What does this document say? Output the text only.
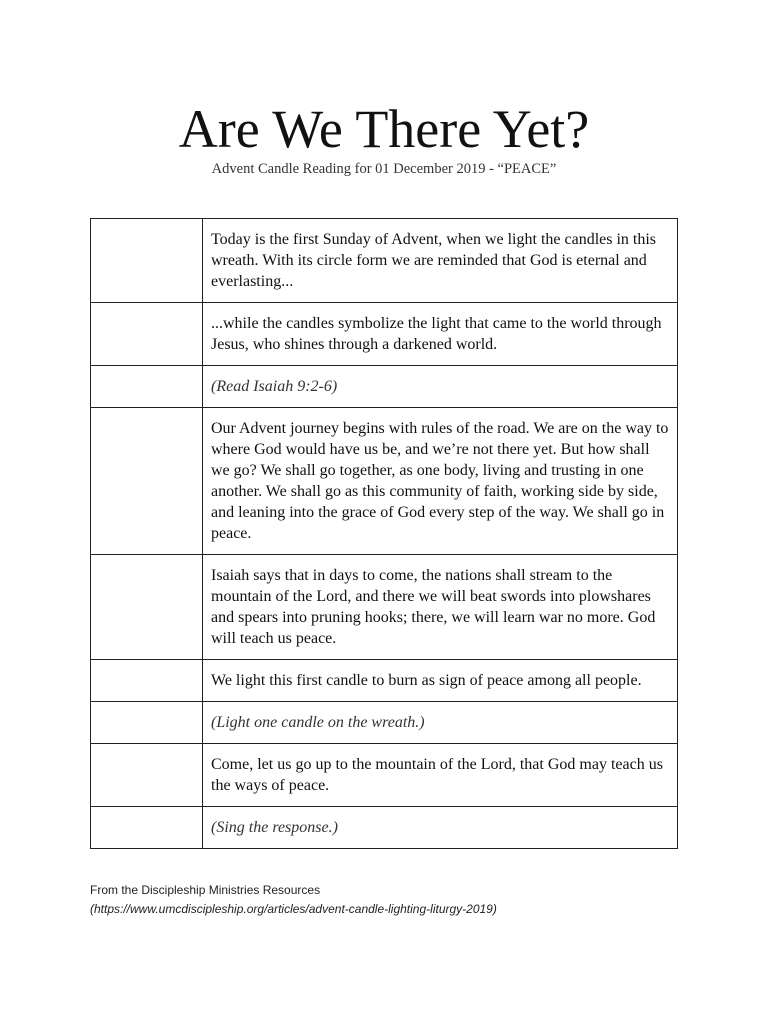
Are We There Yet?
Advent Candle Reading for 01 December 2019 - “PEACE”
	Today is the first Sunday of Advent, when we light the candles in this wreath. With its circle form we are reminded that God is eternal and everlasting...
	...while the candles symbolize the light that came to the world through Jesus, who shines through a darkened world.
	(Read Isaiah 9:2-6)
	Our Advent journey begins with rules of the road. We are on the way to where God would have us be, and we’re not there yet. But how shall we go? We shall go together, as one body, living and trusting in one another. We shall go as this community of faith, working side by side, and leaning into the grace of God every step of the way. We shall go in peace.
	Isaiah says that in days to come, the nations shall stream to the mountain of the Lord, and there we will beat swords into plowshares and spears into pruning hooks; there, we will learn war no more. God will teach us peace.
	We light this first candle to burn as sign of peace among all people.
	(Light one candle on the wreath.)
	Come, let us go up to the mountain of the Lord, that God may teach us the ways of peace.
	(Sing the response.)
From the Discipleship Ministries Resources
(https://www.umcdiscipleship.org/articles/advent-candle-lighting-liturgy-2019)
